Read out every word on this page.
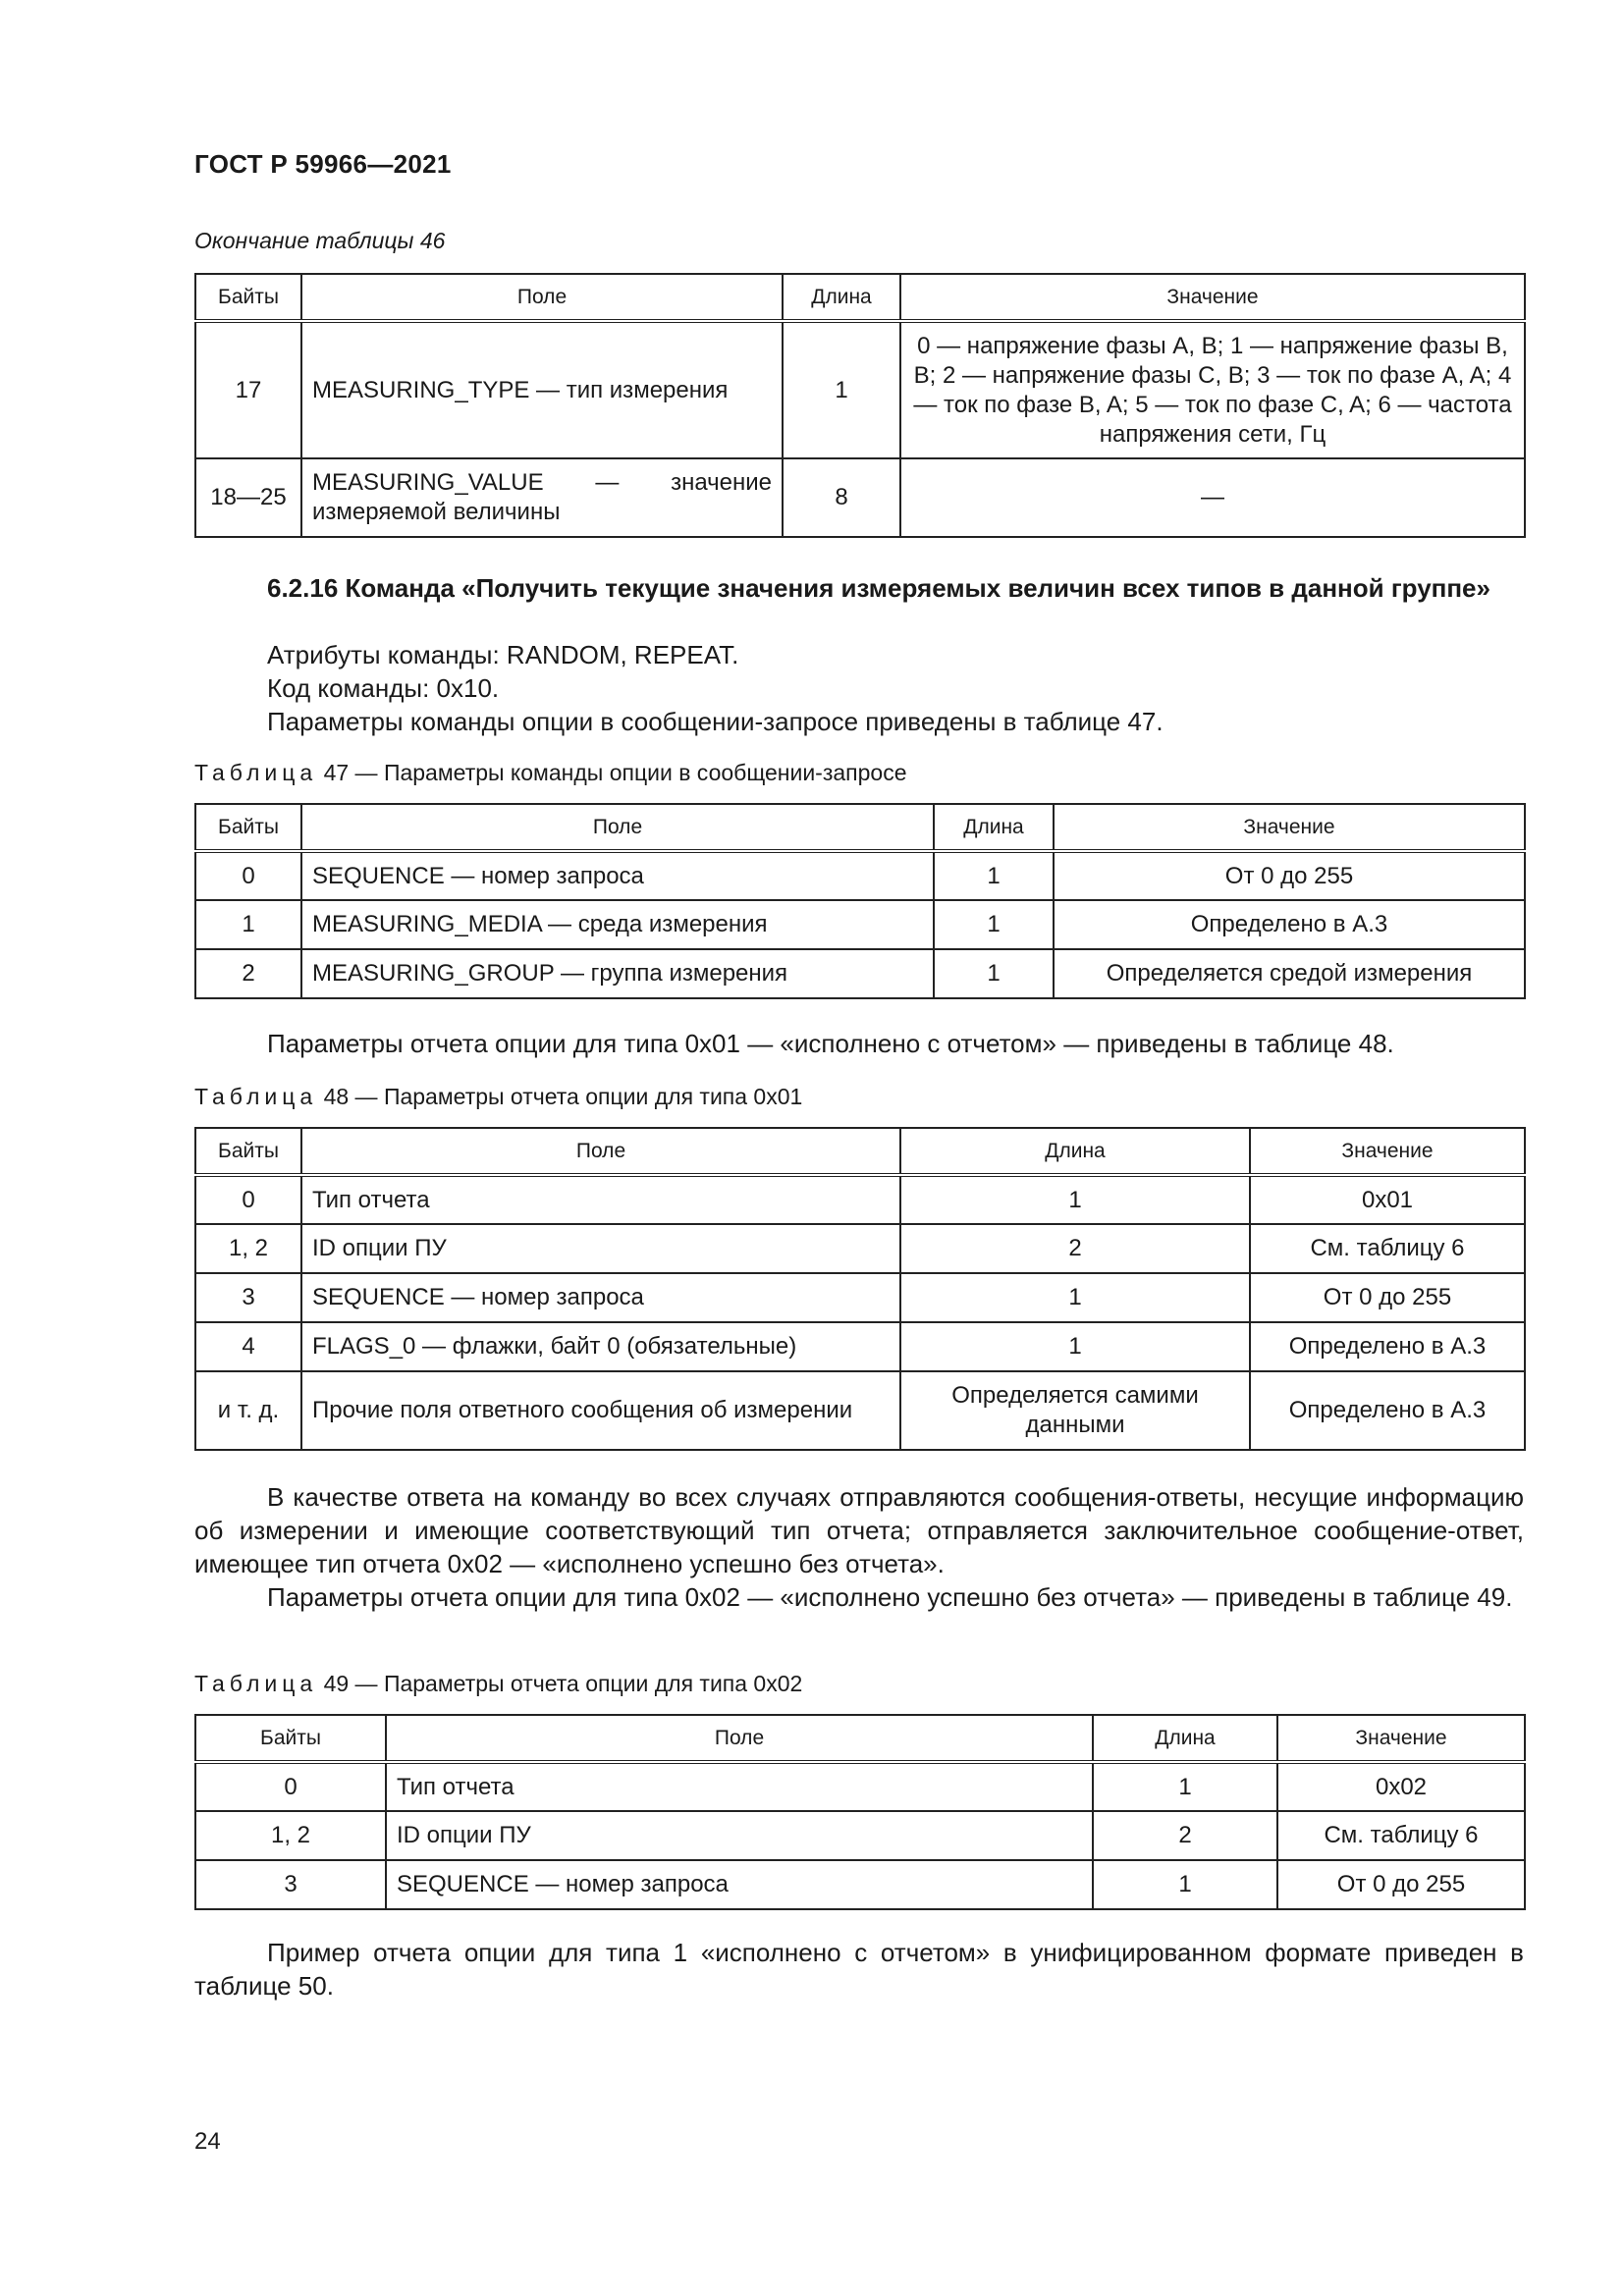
ГОСТ Р 59966—2021
Окончание таблицы 46
Байты	Поле	Длина	Значение
17	MEASURING_TYPE — тип измерения	1	0 — напряжение фазы A, B; 1 — напряжение фазы B, B; 2 — напряжение фазы C, B; 3 — ток по фазе A, A; 4 — ток по фазе B, A; 5 — ток по фазе C, A; 6 — частота напряжения сети, Гц
18—25	MEASURING_VALUE — значение измеряемой величины	8	—
6.2.16 Команда «Получить текущие значения измеряемых величин всех типов в данной группе»

Атрибуты команды: RANDOM, REPEAT.

Код команды: 0x10.

Параметры команды опции в сообщении-запросе приведены в таблице 47.

Таблица 47 — Параметры команды опции в сообщении-запросе
Байты	Поле	Длина	Значение
0	SEQUENCE — номер запроса	1	От 0 до 255
1	MEASURING_MEDIA — среда измерения	1	Определено в А.3
2	MEASURING_GROUP — группа измерения	1	Определяется средой измерения

Параметры отчета опции для типа 0x01 — «исполнено с отчетом» — приведены в таблице 48.

Таблица 48 — Параметры отчета опции для типа 0x01
Байты	Поле	Длина	Значение
0	Тип отчета	1	0x01
1, 2	ID опции ПУ	2	См. таблицу 6
3	SEQUENCE — номер запроса	1	От 0 до 255
4	FLAGS_0 — флажки, байт 0 (обязательные)	1	Определено в А.3
и т. д.	Прочие поля ответного сообщения об измерении	Определяется самими данными	Определено в А.3

В качестве ответа на команду во всех случаях отправляются сообщения-ответы, несущие информацию об измерении и имеющие соответствующий тип отчета; отправляется заключительное сообщение-ответ, имеющее тип отчета 0x02 — «исполнено успешно без отчета».

Параметры отчета опции для типа 0x02 — «исполнено успешно без отчета» — приведены в таблице 49.

Таблица 49 — Параметры отчета опции для типа 0x02
Байты	Поле	Длина	Значение
0	Тип отчета	1	0x02
1, 2	ID опции ПУ	2	См. таблицу 6
3	SEQUENCE — номер запроса	1	От 0 до 255

Пример отчета опции для типа 1 «исполнено с отчетом» в унифицированном формате приведен в таблице 50.

24
